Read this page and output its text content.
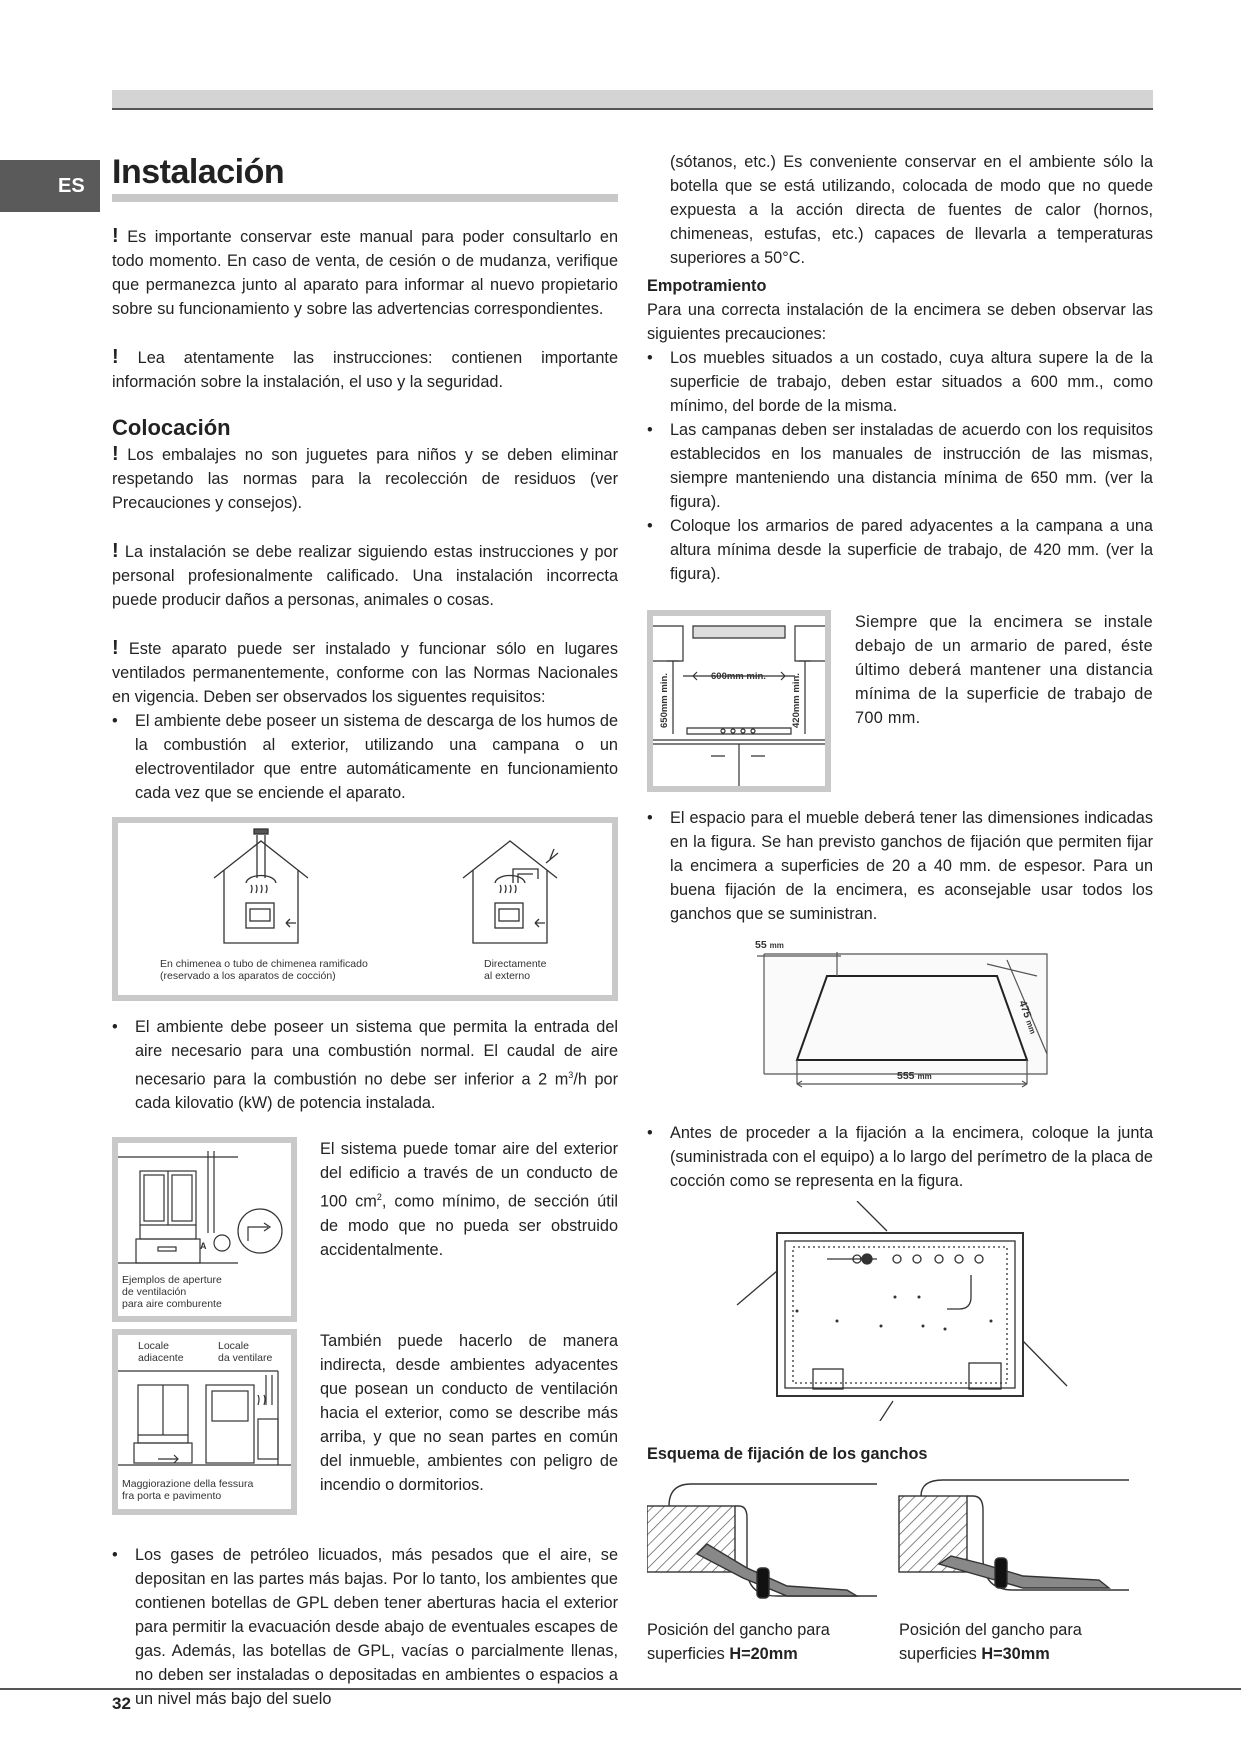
ES Instalación

! Es importante conservar este manual para poder consultarlo en todo momento. En caso de venta, de cesión o de mudanza, verifique que permanezca junto al aparato para informar al nuevo propietario sobre su funcionamiento y sobre las advertencias correspondientes.

! Lea atentamente las instrucciones: contienen importante información sobre la instalación, el uso y la seguridad.

Colocación

! Los embalajes no son juguetes para niños y se deben eliminar respetando las normas para la recolección de residuos (ver Precauciones y consejos).

! La instalación se debe realizar siguiendo estas instrucciones y por personal profesionalmente calificado. Una instalación incorrecta puede producir daños a personas, animales o cosas.

! Este aparato puede ser instalado y funcionar sólo en lugares ventilados permanentemente, conforme con las Normas Nacionales en vigencia. Deben ser observados los siguentes requisitos:

• El ambiente debe poseer un sistema de descarga de los humos de la combustión al exterior, utilizando una campana o un electroventilador que entre automáticamente en funcionamiento cada vez que se enciende el aparato.
En chimenea o tubo de chimenea ramificado
(reservado a los aparatos de cocción)
Directamente
al externo
• El ambiente debe poseer un sistema que permita la entrada del aire necesario para una combustión normal. El caudal de aire necesario para la combustión no debe ser inferior a 2 $m^3/h$ por cada kilovatio (kW) de potencia instalada.
A
Ejemplos de aperture
de ventilación
para aire comburente

El sistema puede tomar aire del exterior del edificio a través de un conducto de 100 $cm^2$, como mínimo, de sección útil de modo que no pueda ser obstruido accidentalmente.

Locale
adiacente
Locale
da ventilare
Maggiorazione della fessura
fra porta e pavimento

También puede hacerlo de manera indirecta, desde ambientes adyacentes que posean un conducto de ventilación hacia el exterior, como se describe más arriba, y que no sean partes en común del inmueble, ambientes con peligro de incendio o dormitorios.

• Los gases de petróleo licuados, más pesados que el aire, se depositan en las partes más bajas. Por lo tanto, los ambientes que contienen botellas de GPL deben tener aberturas hacia el exterior para permitir la evacuación desde abajo de eventuales escapes de gas. Además, las botellas de GPL, vacías o parcialmente llenas, no deben ser instaladas o depositadas en ambientes o espacios a un nivel más bajo del suelo

(sótanos, etc.) Es conveniente conservar en el ambiente sólo la botella que se está utilizando, colocada de modo que no quede expuesta a la acción directa de fuentes de calor (hornos, chimeneas, estufas, etc.) capaces de llevarla a temperaturas superiores a 50°C.

Empotramiento

Para una correcta instalación de la encimera se deben observar las siguientes precauciones:

• Los muebles situados a un costado, cuya altura supere la de la superficie de trabajo, deben estar situados a 600 mm., como mínimo, del borde de la misma.
• Las campanas deben ser instaladas de acuerdo con los requisitos establecidos en los manuales de instrucción de las mismas, siempre manteniendo una distancia mínima de 650 mm. (ver la figura).
• Coloque los armarios de pared adyacentes a la campana a una altura mínima desde la superficie de trabajo, de 420 mm. (ver la figura).
600mm min.
650mm min.	420mm min.

Siempre que la encimera se instale debajo de un armario de pared, éste último deberá mantener una distancia mínima de la superficie de trabajo de 700 mm.

• El espacio para el mueble deberá tener las dimensiones indicadas en la figura. Se han previsto ganchos de fijación que permiten fijar la encimera a superficies de 20 a 40 mm. de espesor. Para un buena fijación de la encimera, es aconsejable usar todos los ganchos que se suministran.
55 mm
555 mm
475 mm
• Antes de proceder a la fijación a la encimera, coloque la junta (suministrada con el equipo) a lo largo del perímetro de la placa de cocción como se representa en la figura.
Esquema de fijación de los ganchos
Posición del gancho para
superficies H=20mm
Posición del gancho para
superficies H=30mm
32
